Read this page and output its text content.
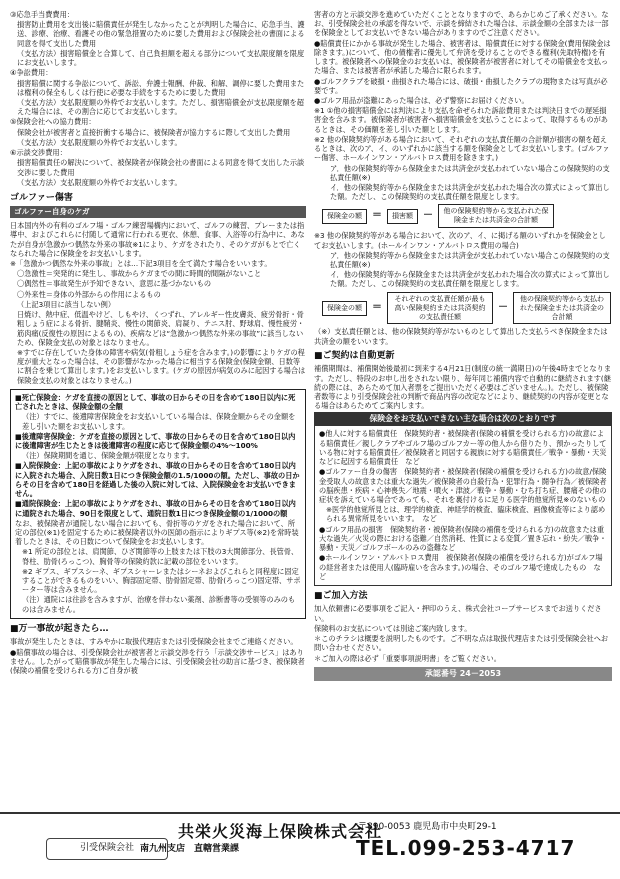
③応急手当費費用：

損害防止費用を支出後に賠償責任が発生しなかったことが判明した場合に、応急手当、護送、診療、治療、看護その他の緊急措置のために要した費用および保険会社の書面による同意を得て支出した費用

（支払方法）損害賠償金と合算して、自己負担額を超える部分について支払限度額を限度にお支払いします。

④争訟費用：

損害賠償に関する争訟について、訴訟、弁護士報酬、仲裁、和解、調停に要した費用または権利の保全もしくは行使に必要な手続をするために要した費用

（支払方法）支払限度額の外枠でお支払いします。ただし、損害賠償金が支払限度額を超えた場合には、その割合に応じてお支払いします。

⑤保険会社への協力費用：

保険会社が被害者と直接折衝する場合に、被保険者が協力するに際して支出した費用

（支払方法）支払限度額の外枠でお支払いします。

⑥示談交渉費用：

損害賠償責任の解決について、被保険者が保険会社の書面による同意を得て支出した示談交渉に要した費用

（支払方法）支払限度額の外枠でお支払いします。

ゴルファー傷害
ゴルファー自身のケガ

日本国内外の有料のゴルフ場・ゴルフ練習場構内において、ゴルフの練習、プレーまたは指導中、およびこれらに付随して通常に行われる更衣、休憩、食事、入浴等の行為中に、あなたが自身が急激かつ偶然な外来の事故※1により、ケガをされたり、そのケガがもとで亡くなられた場合に保険金をお支払いします。

※「急激かつ偶然な外来の事故」とは…下記3項目を全て満たす場合をいいます。

〇急激性＝突発的に発生し、事故からケガまでの間に時間的間隔がないこと

〇偶然性＝事故発生が予知できない、意思に基づかないもの

〇外来性＝身体の外部からの作用によるもの

（上記3項目に該当しない例）

日焼け、熱中症、低温やけど、しもやけ、くつずれ、アレルギー性皮膚炎、疲労骨折・骨粗しょう症による骨折、腱鞘炎、慢性の関節炎、肩凝り、テニス肘、野球肩、慢性疲労・筋肉痛(反復性の原因によるもの)、疾病などは“急激かつ偶然な外来の事故”に該当しないため、保険金支払の対象とはなりません。

※すでに存在していた身体の障害や病気(骨粗しょう症を含みます。)の影響によりケガの程度が重大となった場合は、その影響がなかった場合に相当する保険金(保険金額、日数等に割合を乗じて算出します。)をお支払いします。(ケガの原因が病気のみに起因する場合は保険金支払の対象とはなりません。)

■死亡保険金：ケガを直接の原因として、事故の日からその日を含めて180日以内に死亡されたときは、保険金額の全額

（注）すでに、後遺障害保険金をお支払いしている場合は、保険金額からその金額を差し引いた額をお支払いします。

■後遺障害保険金：ケガを直接の原因として、事故の日からその日を含めて180日以内に後遺障害が生じたときは後遺障害の程度に応じて保険金額の4%～100%

（注）保険期間を通じ、保険金額が限度となります。

■入院保険金：上記の事故によりケガをされ、事故の日からその日を含めて180日以内に入院された場合、入院日数1日につき保険金額の1.5/1000の額。ただし、事故の日からその日を含めて180日を経過した後の入院に対しては、入院保険金をお支払いできません。

■通院保険金：上記の事故によりケガをされ、事故の日からその日を含めて180日以内に通院された場合、90日を限度として、通院日数1日につき保険金額の1/1000の額

なお、被保険者が通院しない場合においても、骨折等のケガをされた場合において、所定の部位(※1)を固定するために被保険者以外の医師の指示によりギプス等(※2)を常時装着したときは、その日数について保険金をお支払いします。

※1 所定の部位とは、肩関節、ひざ関節等の上肢または下肢の3大関節部分、長管骨、脊柱、肋骨(ろっこつ)、胸骨等の保険約款に記載の部位をいいます。

※2 ギプス、ギプスシーネ、ギプスシャーレまたはシーネおよびこれらと同程度に固定することができるものをいい、胸部固定帯、肋骨固定帯、肋骨(ろっこつ)固定帯、サポーター等は含みません。

（注）通院には往診を含みますが、治療を伴わない薬剤、診断書等の受領等のみのものは含みません。

■万一事故が起きたら…

事故が発生したときは、すみやかに取扱代理店または引受保険会社までご連絡ください。

●賠償事故の場合は、引受保険会社が被害者と示談交渉を行う「示談交渉サービス」はありません。したがって賠償事故が発生した場合には、引受保険会社の助言に基づき、被保険者(保険の補償を受けられる方)ご自身が被

害者の方と示談交渉を進めていただくこととなりますので、あらかじめご了承ください。なお、引受保険会社の承認を得ないで、示談を締結された場合は、示談金額の全部または一部を保険金としてお支払いできない場合がありますのでご注意ください。

●賠償責任にかかる事故が発生した場合、被害者は、賠償責任に対する保険金(費用保険金は除きます。)について、他の債権者に優先して弁済を受けることのできる権利(先取特権)を有します。被保険者への保険金のお支払いは、被保険者が被害者に対してその賠償金を支払った場合、または被害者が承諾した場合に限られます。

●ゴルフクラブを破損・曲損された場合には、破損・曲損したクラブの現物または写真が必要です。

●ゴルフ用品が盗難にあった場合は、必ず警察にお届けください。

※1 ①他の損害賠償金には判決により支払を命ぜられた訴訟費用または判決日までの遅延損害金を含みます。被保険者が被害者へ損害賠償金を支払うことによって、取得するものがあるときは、その価額を差し引いた額とします。

※2 他の保険契約等がある場合において、それぞれの支払責任額の合計額が損害の額を超えるときは、次のア、イ、のいずれかに該当する額を保険金としてお支払いします。(ゴルファー傷害、ホールインワン・アルバトロス費用を除きます。)

ア．他の保険契約等から保険金または共済金が支払われていない場合この保険契約の支払責任額(※)

イ．他の保険契約等から保険金または共済金が支払われた場合次の算式によって算出した額。ただし、この保険契約の支払責任額を限度とします。

保険金の額	＝	損害額	－	他の保険契約等から支払われた保険金または共済金の合計額

※3 他の保険契約等がある場合において、次のア、イ、に掲げる額のいずれかを保険金としてお支払いします。(ホールインワン・アルバトロス費用の場合)

ア．他の保険契約等から保険金または共済金が支払われていない場合この保険契約の支払責任額(※)

イ．他の保険契約等から保険金または共済金が支払われた場合次の算式によって算出した額。ただし、この保険契約の支払責任額を限度とします。

保険金の額	＝
それぞれの支払責任額が最も高い保険契約または共済契約の支払責任額
－
他の保険契約等から支払われた保険金または共済金の合計額

（※）支払責任額とは、他の保険契約等がないものとして算出した支払うべき保険金または共済金の額をいいます。

■ご契約は自動更新

補償期間は、補償開始後最初に到来する4月21日(制度の統一満期日)の午後4時までとなります。ただし、特段のお申し出をされない限り、毎年同じ補償内容で自動的に継続されます(継続の際には、あらためて加入者票をご提出いただく必要はございません。)。ただし、被保険者数等により引受保険会社の判断で商品内容の改定などにより、継続契約の内容が変更となる場合はあらためてご案内します。

保険金をお支払いできない主な場合は次のとおりです

●他人に対する賠償責任　保険契約者・被保険者(保険の補償を受けられる方)の故意による賠償責任／親しクラブやゴルフ場のゴルフカー等の他人から借りたり、預かったりしている物に対する賠償責任／被保険者と同居する親族に対する賠償責任／戦争・暴動・天災などに起因する賠償責任　など

●ゴルファー自身の傷害　保険契約者・被保険者(保険の補償を受けられる方)の故意/保険金受取人の故意または重大な過失／被保険者の自殺行為・犯罪行為・闘争行為／被保険者の脳疾患・疾病・心神喪失／地震・噴火・津波／戦争・暴動・むち打ち症、腰痛その他の症状を訴えている場合であっても、それを裏付けるに足りる医学的他覚所見※のないもの

※医学的他覚所見とは、理学的検査、神経学的検査、臨床検査、画像検査等により認められる異常所見をいいます。　など

●ゴルフ用品の損害　保険契約者・被保険者(保険の補償を受けられる方)の故意または重大な過失／火災の際における盗難／自然消耗、性質による変質／置き忘れ・紛失／戦争・暴動・天災／ゴルフボールのみの盗難など

●ホールインワン・アルバトロス費用　被保険者(保険の補償を受けられる方)がゴルフ場の経営者または使用人(臨時雇いを含みます。)の場合、そのゴルフ場で達成したもの　など

■ご加入方法

加入依頼書に必要事項をご記入・押印のうえ、株式会社コープサービスまでお送りください。

保険料のお支払については別途ご案内致します。

＊このチラシは概要を説明したものです。ご不明な点は取扱代理店または引受保険会社へお問い合わせください。

＊ご加入の際は必ず「重要事項説明書」をご覧ください。

承認番号 24－2053
引受保険会社
共栄火災海上保険株式会社
南九州支店　直轄営業課
〒890-0053 鹿児島市中央町29-1
TEL.099-253-4717
